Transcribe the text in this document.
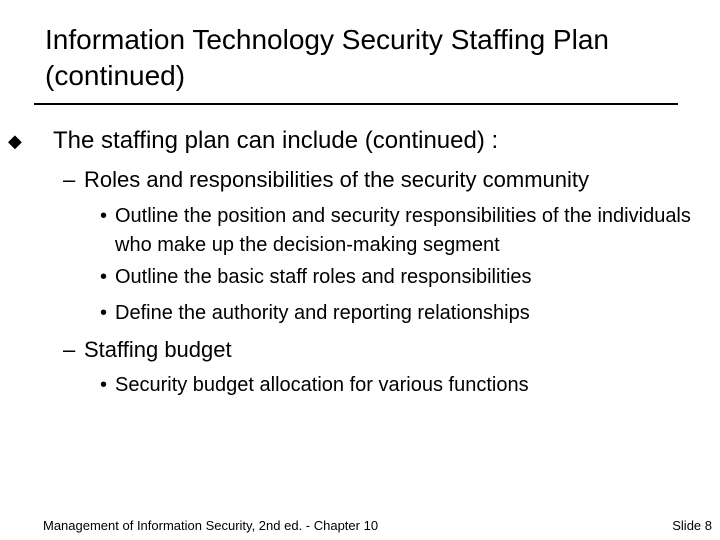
Information Technology Security Staffing Plan (continued)
◆ The staffing plan can include (continued) :
– Roles and responsibilities of the security community
• Outline the position and security responsibilities of the individuals who make up the decision-making segment
• Outline the basic staff roles and responsibilities
• Define the authority and reporting relationships
– Staffing budget
• Security budget allocation for various functions
Management of Information Security, 2nd ed. - Chapter 10	Slide 8
